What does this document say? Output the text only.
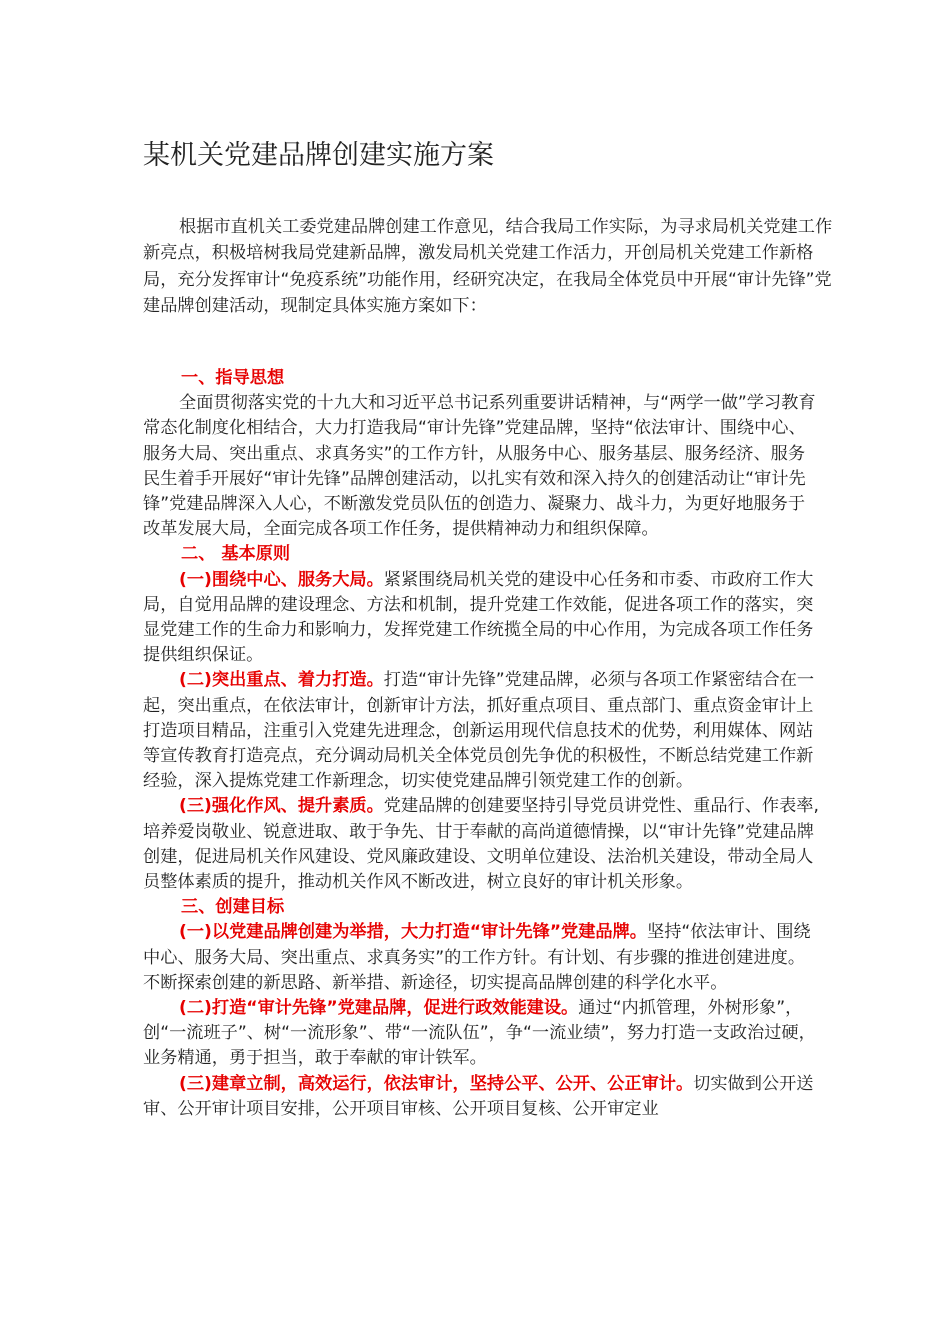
某机关党建品牌创建实施方案

根据市直机关工委党建品牌创建工作意见，结合我局工作实际，为寻求局机关党建工作新亮点，积极培树我局党建新品牌，激发局机关党建工作活力，开创局机关党建工作新格局，充分发挥审计“免疫系统”功能作用，经研究决定，在我局全体党员中开展“审计先锋”党建品牌创建活动，现制定具体实施方案如下：

一、指导思想

全面贯彻落实党的十九大和习近平总书记系列重要讲话精神，与“两学一做”学习教育常态化制度化相结合，大力打造我局“审计先锋”党建品牌，坚持“依法审计、围绕中心、服务大局、突出重点、求真务实”的工作方针，从服务中心、服务基层、服务经济、服务民生着手开展好“审计先锋”品牌创建活动，以扎实有效和深入持久的创建活动让“审计先锋”党建品牌深入人心，不断激发党员队伍的创造力、凝聚力、战斗力，为更好地服务于改革发展大局，全面完成各项工作任务，提供精神动力和组织保障。

二、 基本原则

(一)围绕中心、服务大局。紧紧围绕局机关党的建设中心任务和市委、市政府工作大局，自觉用品牌的建设理念、方法和机制，提升党建工作效能，促进各项工作的落实，突显党建工作的生命力和影响力，发挥党建工作统揽全局的中心作用，为完成各项工作任务提供组织保证。

(二)突出重点、着力打造。打造“审计先锋”党建品牌，必须与各项工作紧密结合在一起，突出重点，在依法审计，创新审计方法，抓好重点项目、重点部门、重点资金审计上打造项目精品，注重引入党建先进理念，创新运用现代信息技术的优势，利用媒体、网站等宣传教育打造亮点，充分调动局机关全体党员创先争优的积极性，不断总结党建工作新经验，深入提炼党建工作新理念，切实使党建品牌引领党建工作的创新。

(三)强化作风、提升素质。党建品牌的创建要坚持引导党员讲党性、重品行、作表率,培养爱岗敬业、锐意进取、敢于争先、甘于奉献的高尚道德情操，以“审计先锋”党建品牌创建，促进局机关作风建设、党风廉政建设、文明单位建设、法治机关建设，带动全局人员整体素质的提升，推动机关作风不断改进，树立良好的审计机关形象。

三、创建目标

(一)以党建品牌创建为举措，大力打造“审计先锋”党建品牌。坚持“依法审计、围绕中心、服务大局、突出重点、求真务实”的工作方针。有计划、有步骤的推进创建进度。不断探索创建的新思路、新举措、新途径，切实提高品牌创建的科学化水平。

(二)打造“审计先锋”党建品牌，促进行政效能建设。通过“内抓管理，外树形象”，创“一流班子”、树“一流形象”、带“一流队伍”，争“一流业绩”，努力打造一支政治过硬，业务精通，勇于担当，敢于奉献的审计铁军。

(三)建章立制，高效运行，依法审计，坚持公平、公开、公正审计。切实做到公开送审、公开审计项目安排，公开项目审核、公开项目复核、公开审定业
